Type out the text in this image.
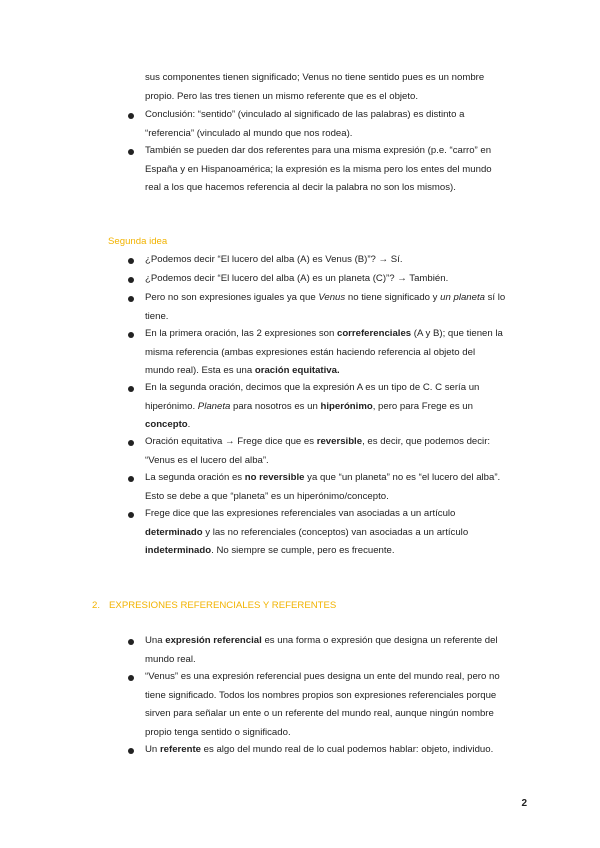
sus componentes tienen significado; Venus no tiene sentido pues es un nombre
propio. Pero las tres tienen un mismo referente que es el objeto.
Conclusión: “sentido” (vinculado al significado de las palabras) es distinto a
“referencia” (vinculado al mundo que nos rodea).
También se pueden dar dos referentes para una misma expresión (p.e. “carro” en
España y en Hispanoamérica; la expresión es la misma pero los entes del mundo
real a los que hacemos referencia al decir la palabra no son los mismos).
Segunda idea
¿Podemos decir “El lucero del alba (A) es Venus (B)”? → Sí.
¿Podemos decir “El lucero del alba (A) es un planeta (C)”? → También.
Pero no son expresiones iguales ya que Venus no tiene significado y un planeta sí lo
tiene.
En la primera oración, las 2 expresiones son correferenciales (A y B); que tienen la
misma referencia (ambas expresiones están haciendo referencia al objeto del
mundo real). Esta es una oración equitativa.
En la segunda oración, decimos que la expresión A es un tipo de C. C sería un
hiperónimo. Planeta para nosotros es un hiperónimo, pero para Frege es un
concepto.
Oración equitativa → Frege dice que es reversible, es decir, que podemos decir:
“Venus es el lucero del alba”.
La segunda oración es no reversible ya que “un planeta” no es “el lucero del alba”.
Esto se debe a que “planeta” es un hiperónimo/concepto.
Frege dice que las expresiones referenciales van asociadas a un artículo
determinado y las no referenciales (conceptos) van asociadas a un artículo
indeterminado. No siempre se cumple, pero es frecuente.
2. EXPRESIONES REFERENCIALES Y REFERENTES
Una expresión referencial es una forma o expresión que designa un referente del
mundo real.
“Venus” es una expresión referencial pues designa un ente del mundo real, pero no
tiene significado. Todos los nombres propios son expresiones referenciales porque
sirven para señalar un ente o un referente del mundo real, aunque ningún nombre
propio tenga sentido o significado.
Un referente es algo del mundo real de lo cual podemos hablar: objeto, individuo.
2
